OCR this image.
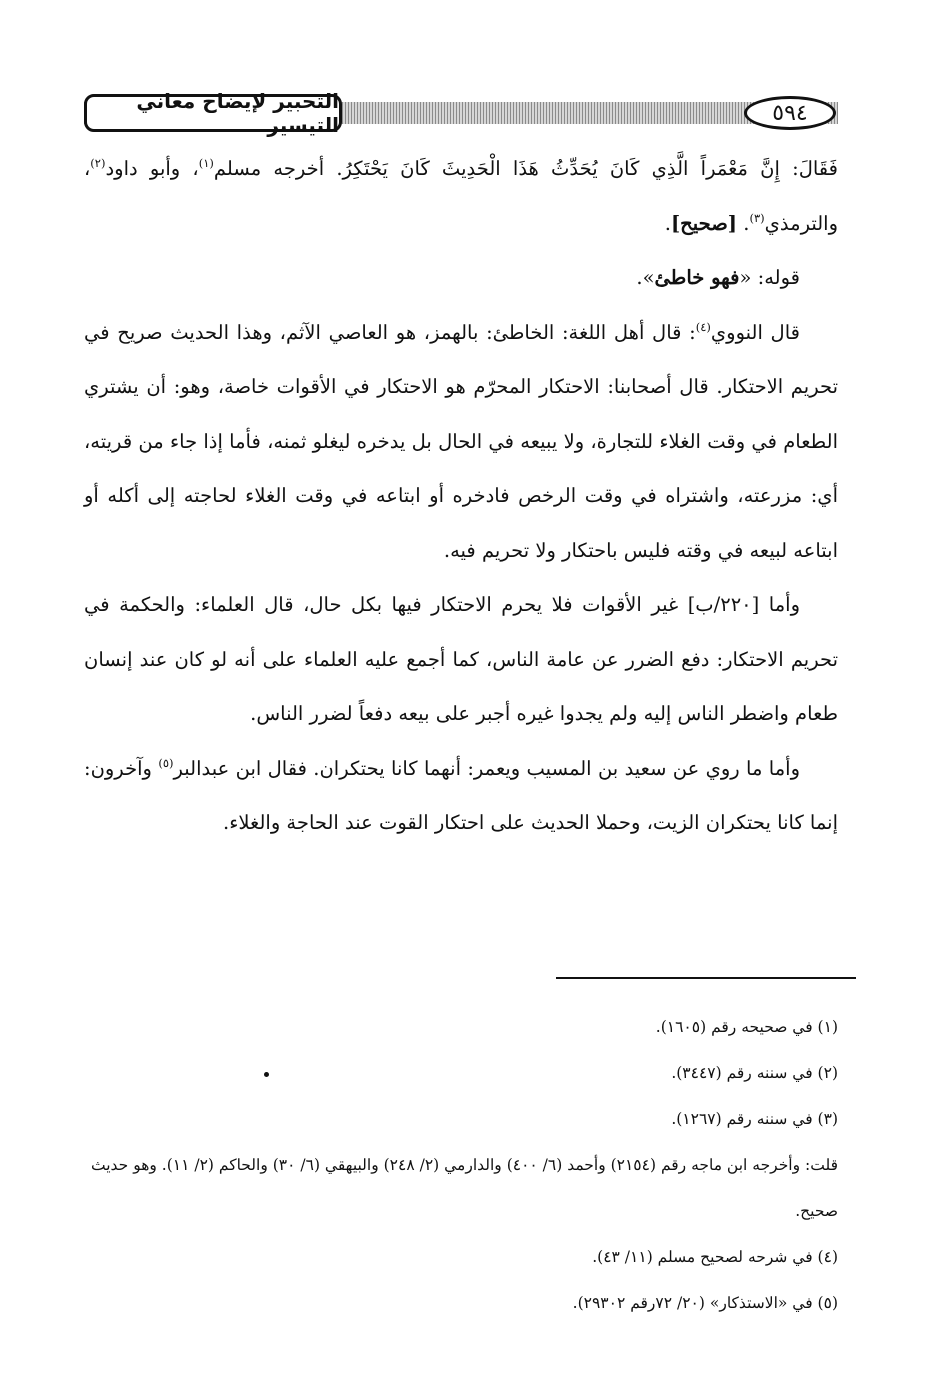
التحبير لإيضاح معاني التيسير	٥٩٤

فَقَالَ: إِنَّ مَعْمَراً الَّذِي كَانَ يُحَدِّثُ هَذَا الْحَدِيثَ كَانَ يَحْتَكِرُ. أخرجه مسلم$^{(١)}$، وأبو داود$^{(٢)}$، والترمذي$^{(٣)}$. [صحيح].

قوله: «فهو خاطئ».

قال النووي$^{(٤)}$: قال أهل اللغة: الخاطئ: بالهمز، هو العاصي الآثم، وهذا الحديث صريح في تحريم الاحتكار. قال أصحابنا: الاحتكار المحرّم هو الاحتكار في الأقوات خاصة، وهو: أن يشتري الطعام في وقت الغلاء للتجارة، ولا يبيعه في الحال بل يدخره ليغلو ثمنه، فأما إذا جاء من قريته، أي: مزرعته، واشتراه في وقت الرخص فادخره أو ابتاعه في وقت الغلاء لحاجته إلى أكله أو ابتاعه لبيعه في وقته فليس باحتكار ولا تحريم فيه.

وأما [٢٢٠/ب] غير الأقوات فلا يحرم الاحتكار فيها بكل حال، قال العلماء: والحكمة في تحريم الاحتكار: دفع الضرر عن عامة الناس، كما أجمع عليه العلماء على أنه لو كان عند إنسان طعام واضطر الناس إليه ولم يجدوا غيره أجبر على بيعه دفعاً لضرر الناس.

وأما ما روي عن سعيد بن المسيب ويعمر: أنهما كانا يحتكران. فقال ابن عبدالبر$^{(٥)}$ وآخرون: إنما كانا يحتكران الزيت، وحملا الحديث على احتكار القوت عند الحاجة والغلاء.

(١) في صحيحه رقم (١٦٠٥).

(٢) في سننه رقم (٣٤٤٧).

(٣) في سننه رقم (١٢٦٧).

قلت: وأخرجه ابن ماجه رقم (٢١٥٤) وأحمد (٦/ ٤٠٠) والدارمي (٢/ ٢٤٨) والبيهقي (٦/ ٣٠) والحاكم (٢/ ١١). وهو حديث صحيح.

(٤) في شرحه لصحيح مسلم (١١/ ٤٣).

(٥) في «الاستذكار» (٢٠/ ٧٢رقم ٢٩٣٠٢).
